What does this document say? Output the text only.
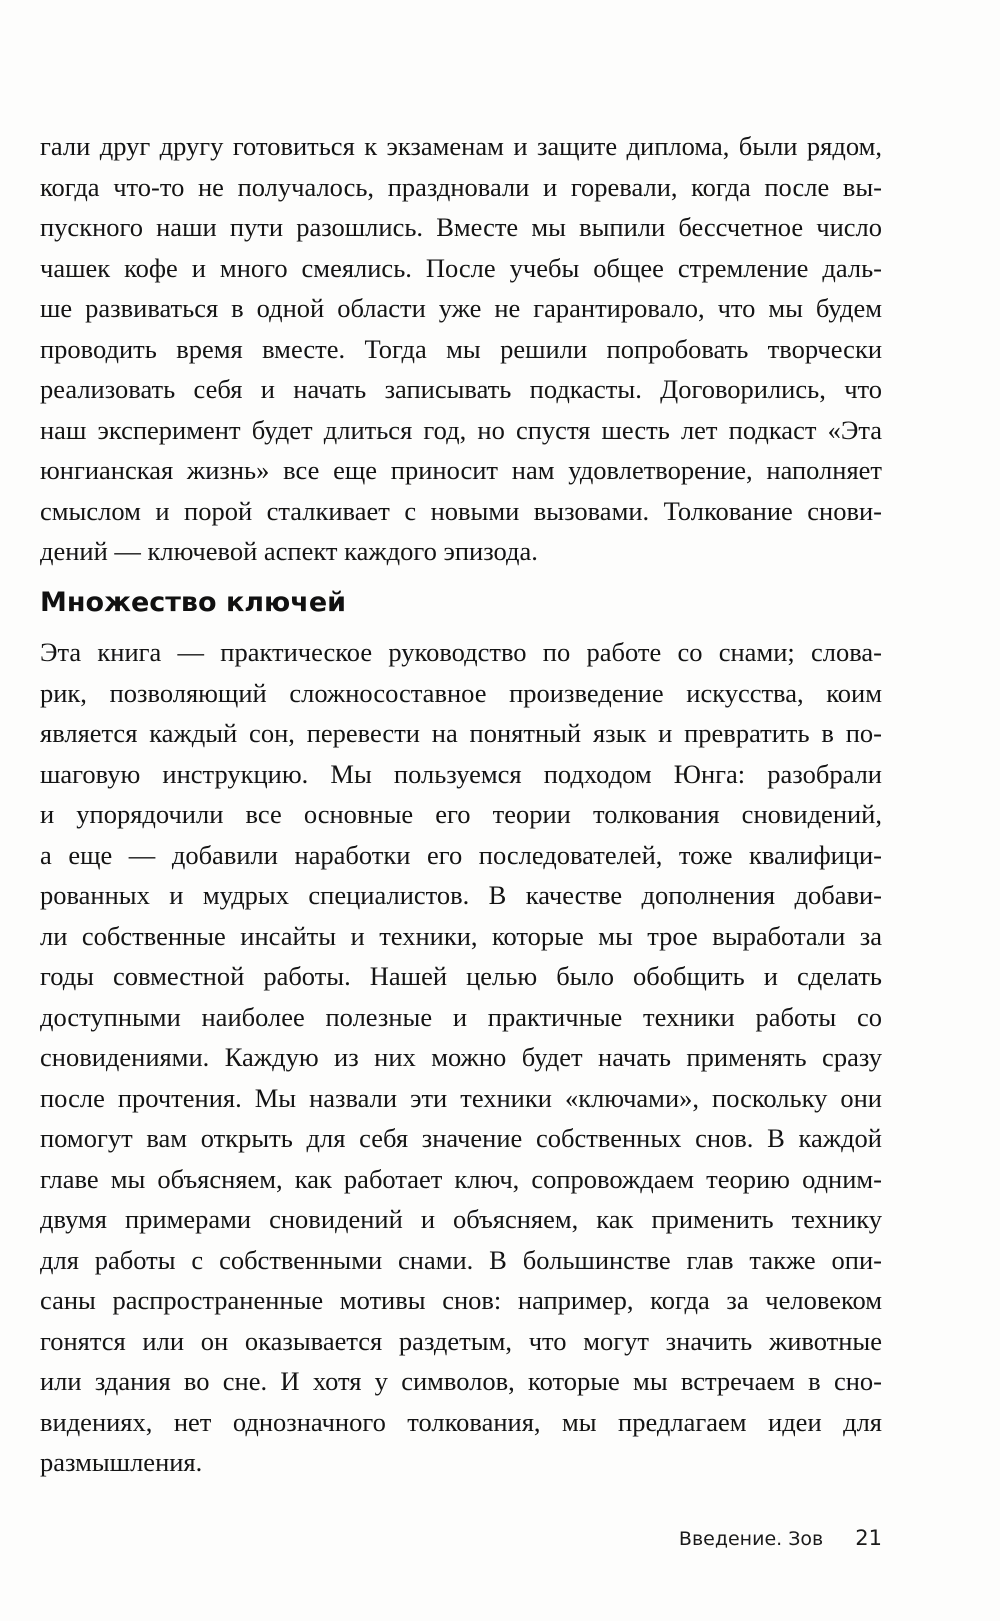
гали друг другу готовиться к экзаменам и защите диплома, были рядом,
когда что-то не получалось, праздновали и горевали, когда после вы-
пускного наши пути разошлись. Вместе мы выпили бессчетное число
чашек кофе и много смеялись. После учебы общее стремление даль-
ше развиваться в одной области уже не гарантировало, что мы будем
проводить время вместе. Тогда мы решили попробовать творчески
реализовать себя и начать записывать подкасты. Договорились, что
наш эксперимент будет длиться год, но спустя шесть лет подкаст «Эта
юнгианская жизнь» все еще приносит нам удовлетворение, наполняет
смыслом и порой сталкивает с новыми вызовами. Толкование снови-
дений — ключевой аспект каждого эпизода.
Множество ключей
Эта книга — практическое руководство по работе со снами; слова-
рик, позволяющий сложносоставное произведение искусства, коим
является каждый сон, перевести на понятный язык и превратить в по-
шаговую инструкцию. Мы пользуемся подходом Юнга: разобрали
и упорядочили все основные его теории толкования сновидений,
а еще — добавили наработки его последователей, тоже квалифици-
рованных и мудрых специалистов. В качестве дополнения добави-
ли собственные инсайты и техники, которые мы трое выработали за
годы совместной работы. Нашей целью было обобщить и сделать
доступными наиболее полезные и практичные техники работы со
сновидениями. Каждую из них можно будет начать применять сразу
после прочтения. Мы назвали эти техники «ключами», поскольку они
помогут вам открыть для себя значение собственных снов. В каждой
главе мы объясняем, как работает ключ, сопровождаем теорию одним-
двумя примерами сновидений и объясняем, как применить технику
для работы с собственными снами. В большинстве глав также опи-
саны распространенные мотивы снов: например, когда за человеком
гонятся или он оказывается раздетым, что могут значить животные
или здания во сне. И хотя у символов, которые мы встречаем в сно-
видениях, нет однозначного толкования, мы предлагаем идеи для
размышления.
Введение. Зов 21
